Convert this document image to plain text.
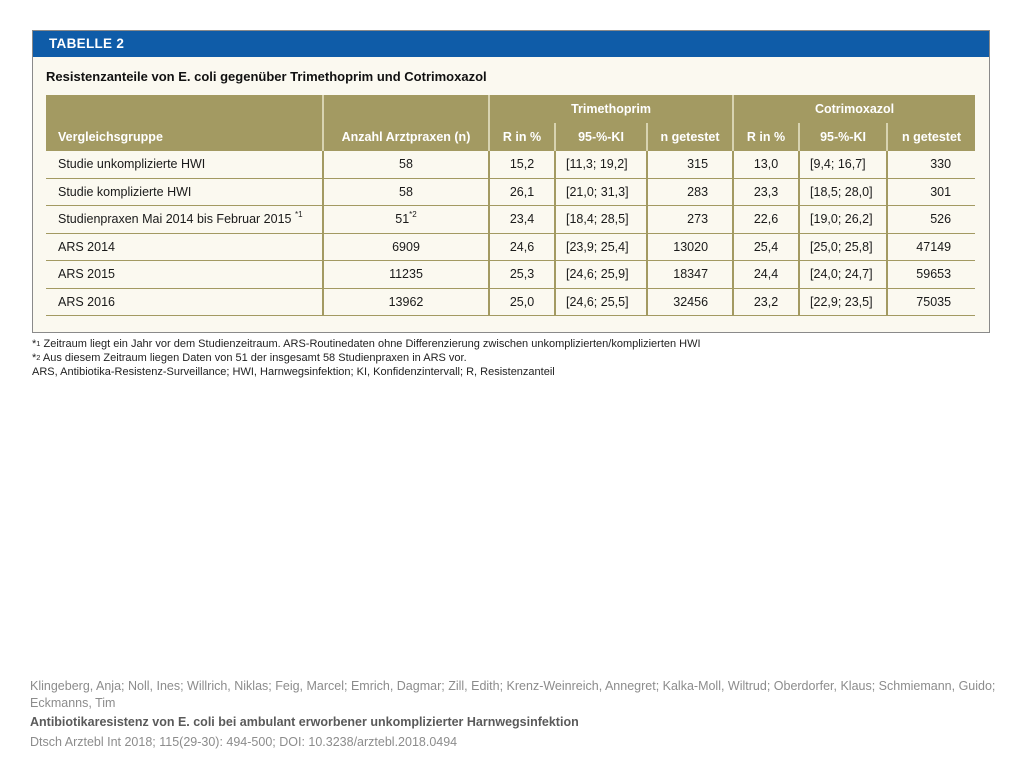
TABELLE 2
Resistenzanteile von E. coli gegenüber Trimethoprim und Cotrimoxazol
		Trimethoprim			Cotrimoxazol		
Vergleichsgruppe	Anzahl Arztpraxen (n)	R in %	95-%-KI	n getestet	R in %	95-%-KI	n getestet
Studie unkomplizierte HWI	58	15,2	[11,3; 19,2]	315	13,0	[9,4; 16,7]	330
Studie komplizierte HWI	58	26,1	[21,0; 31,3]	283	23,3	[18,5; 28,0]	301
Studienpraxen Mai 2014 bis Februar 2015 $^{*1}$	51$^{*2}$	23,4	[18,4; 28,5]	273	22,6	[19,0; 26,2]	526
ARS 2014	6909	24,6	[23,9; 25,4]	13020	25,4	[25,0; 25,8]	47149
ARS 2015	11235	25,3	[24,6; 25,9]	18347	24,4	[24,0; 24,7]	59653
ARS 2016	13962	25,0	[24,6; 25,5]	32456	23,2	[22,9; 23,5]	75035
*$^1$ Zeitraum liegt ein Jahr vor dem Studienzeitraum. ARS-Routinedaten ohne Differenzierung zwischen unkomplizierten/komplizierten HWI
*$^2$ Aus diesem Zeitraum liegen Daten von 51 der insgesamt 58 Studienpraxen in ARS vor.
ARS, Antibiotika-Resistenz-Surveillance; HWI, Harnwegsinfektion; KI, Konfidenzintervall; R, Resistenzanteil
Klingeberg, Anja; Noll, Ines; Willrich, Niklas; Feig, Marcel; Emrich, Dagmar; Zill, Edith; Krenz-Weinreich, Annegret; Kalka-Moll, Wiltrud; Oberdorfer, Klaus; Schmiemann, Guido; Eckmanns, Tim
Antibiotikaresistenz von E. coli bei ambulant erworbener unkomplizierter Harnwegsinfektion
Dtsch Arztebl Int 2018; 115(29-30): 494-500; DOI: 10.3238/arztebl.2018.0494
